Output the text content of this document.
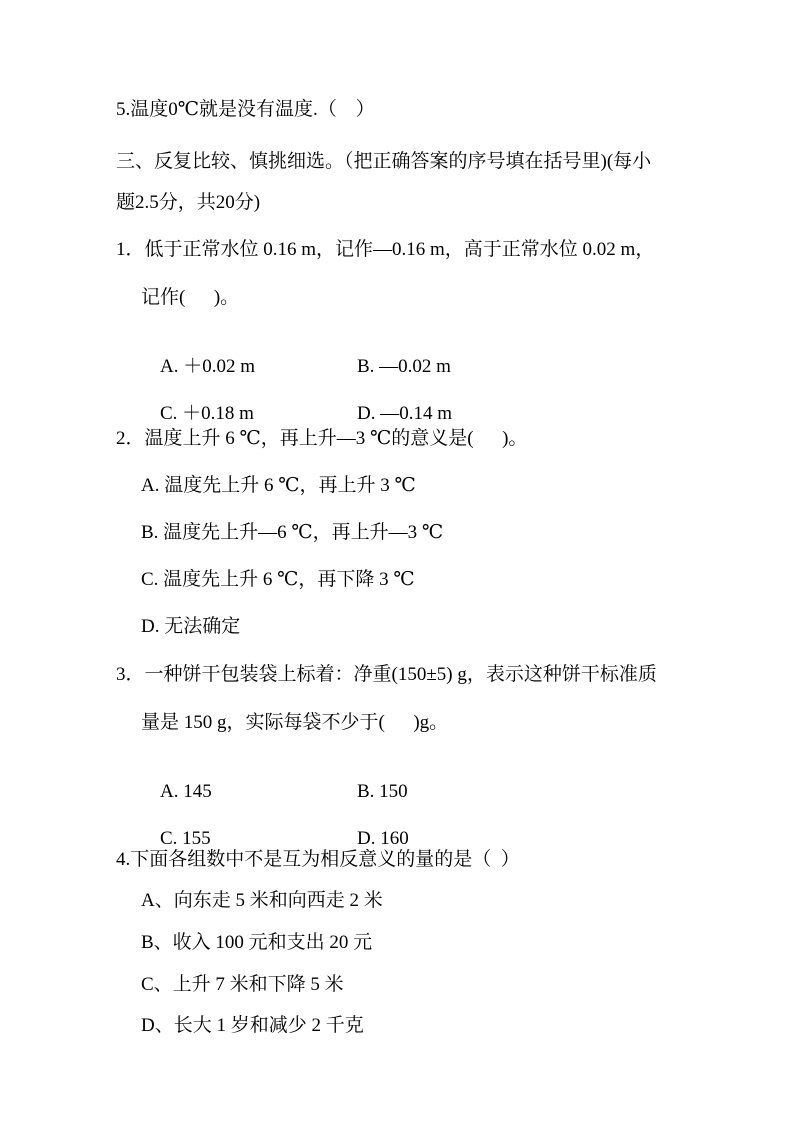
5.温度0℃就是没有温度.（    ）
三、反复比较、慎挑细选。（把正确答案的序号填在括号里)(每小
题2.5分，共20分)
1．低于正常水位 0.16 m，记作—0.16 m，高于正常水位 0.02 m，
记作(      )。

A. ＋0.02 m	B. —0.02 m

C. ＋0.18 m	D. —0.14 m

2．温度上升 6 ℃，再上升—3 ℃的意义是(      )。
A. 温度先上升 6 ℃，再上升 3 ℃
B. 温度先上升—6 ℃，再上升—3 ℃
C. 温度先上升 6 ℃，再下降 3 ℃
D. 无法确定
3．一种饼干包装袋上标着：净重(150±5) g，表示这种饼干标准质
量是 150 g，实际每袋不少于(      )g。

A. 145	B. 150

C. 155	D. 160

4.下面各组数中不是互为相反意义的量的是（  ）
A、向东走 5 米和向西走 2 米
B、收入 100 元和支出 20 元
C、上升 7 米和下降 5 米
D、长大 1 岁和减少 2 千克
